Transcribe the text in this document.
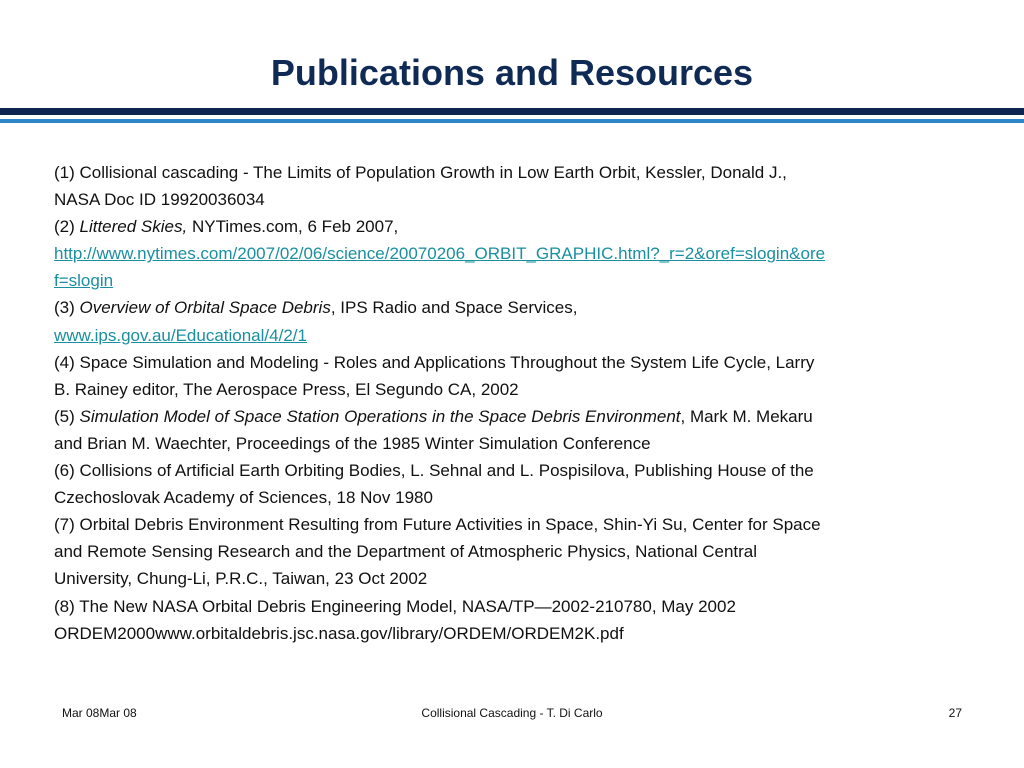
Publications and Resources
(1) Collisional cascading - The Limits of Population Growth in Low Earth Orbit, Kessler, Donald J.,
NASA Doc ID 19920036034
(2) Littered Skies, NYTimes.com, 6 Feb 2007,
http://www.nytimes.com/2007/02/06/science/20070206_ORBIT_GRAPHIC.html?_r=2&oref=slogin&ore
f=slogin
(3) Overview of Orbital Space Debris, IPS Radio and Space Services,
www.ips.gov.au/Educational/4/2/1
(4) Space Simulation and Modeling - Roles and Applications Throughout the System Life Cycle, Larry
B. Rainey editor, The Aerospace Press, El Segundo CA, 2002
(5) Simulation Model of Space Station Operations in the Space Debris Environment, Mark M. Mekaru
and Brian M. Waechter, Proceedings of the 1985 Winter Simulation Conference
(6) Collisions of Artificial Earth Orbiting Bodies, L. Sehnal and L. Pospisilova, Publishing House of the
Czechoslovak Academy of Sciences, 18 Nov 1980
(7) Orbital Debris Environment Resulting from Future Activities in Space, Shin-Yi Su, Center for Space
and Remote Sensing Research and the Department of Atmospheric Physics, National Central
University, Chung-Li, P.R.C., Taiwan, 23 Oct 2002
(8) The New NASA Orbital Debris Engineering Model, NASA/TP—2002-210780, May 2002
ORDEM2000www.orbitaldebris.jsc.nasa.gov/library/ORDEM/ORDEM2K.pdf
Mar 08Mar 08	Collisional Cascading - T. Di Carlo	27
